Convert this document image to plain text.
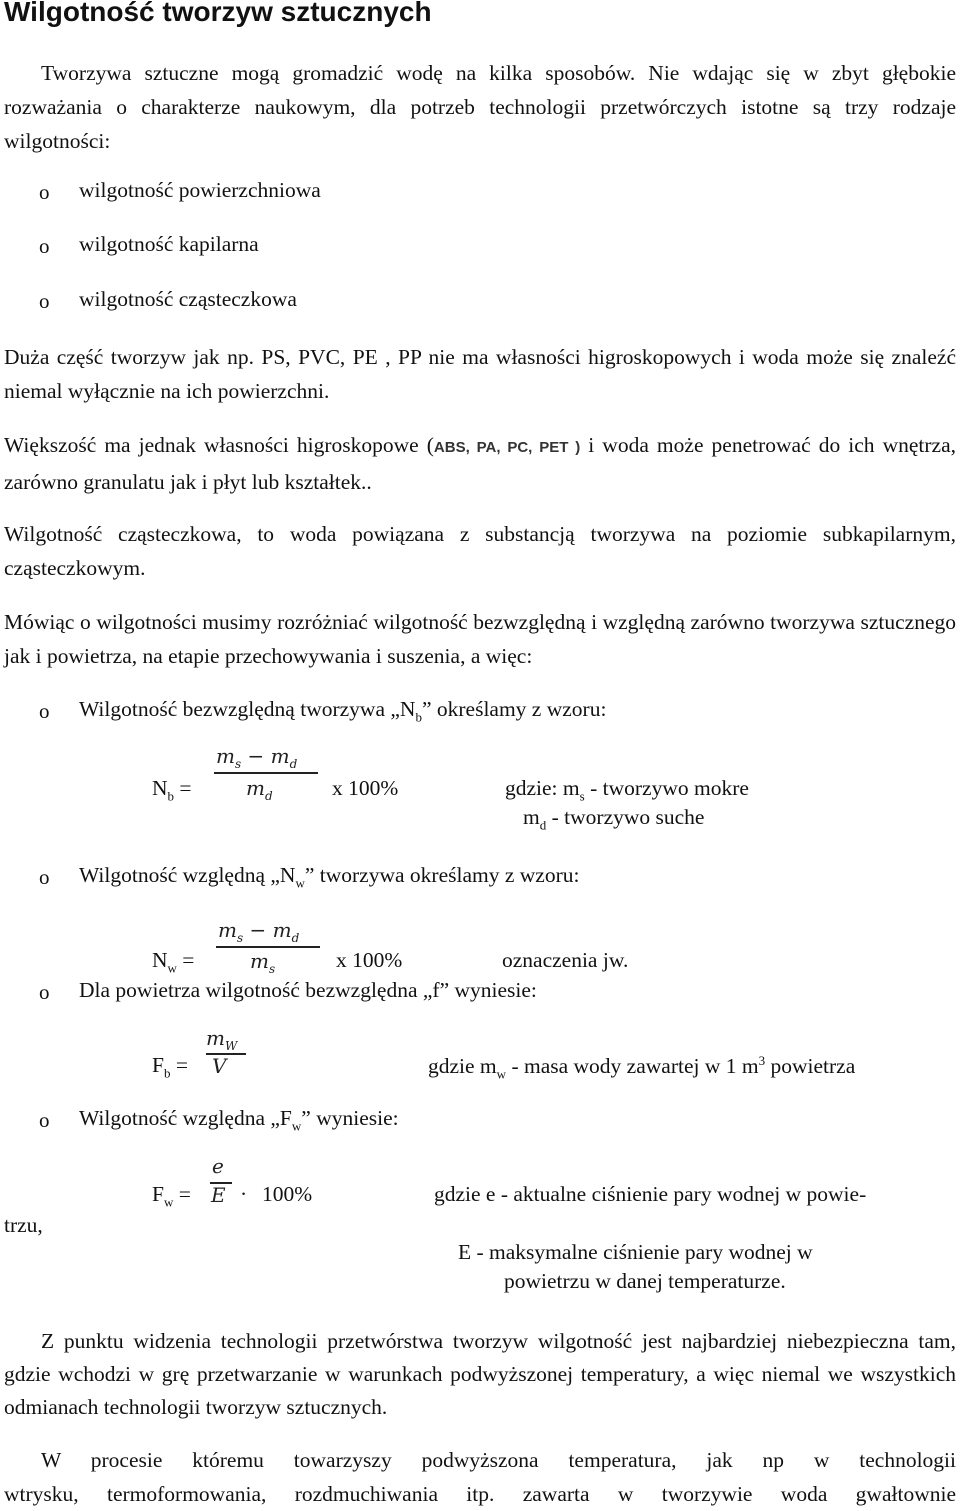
Wilgotność tworzyw sztucznych

Tworzywa sztuczne mogą gromadzić wodę na kilka sposobów. Nie wdając się w zbyt głębokie rozważania o charakterze naukowym, dla potrzeb technologii przetwórczych istotne są trzy rodzaje wilgotności:

o wilgotność powierzchniowa
o wilgotność kapilarna
o wilgotność cząsteczkowa

Duża część tworzyw jak np. PS, PVC, PE , PP nie ma własności higroskopowych i woda może się znaleźć niemal wyłącznie na ich powierzchni.

Większość ma jednak własności higroskopowe (ABS, PA, PC, PET ) i woda może penetrować do ich wnętrza, zarówno granulatu jak i płyt lub kształtek..

Wilgotność cząsteczkowa, to woda powiązana z substancją tworzywa na poziomie subkapilarnym, cząsteczkowym.

Mówiąc o wilgotności musimy rozróżniać wilgotność bezwzględną i względną zarówno tworzywa sztucznego jak i powietrza, na etapie przechowywania i suszenia, a więc:

o Wilgotność bezwzględną tworzywa $„N_b$” określamy z wzoru:
$N_b$ =
$m_s - m_d$
$m_d$	x 100%	gdzie: $m_s$ - tworzywo mokre
$m_d$ - tworzywo suche
o Wilgotność względną $„N_w$” tworzywa określamy z wzoru:
$N_w$ =
$m_s - m_d$
$m_s$	x 100%	oznaczenia jw.
o Dla powietrza wilgotność bezwzględna „f” wyniesie:
$F_b$ =
$m_W$
V	gdzie $m_w$ - masa wody zawartej w 1 $m^3$ powietrza
o Wilgotność względna $„F_w$” wyniesie:
$F_w$ =
e
E · 100%	gdzie e - aktualne ciśnienie pary wodnej w powie-
trzu,
E - maksymalne ciśnienie pary wodnej w
powietrzu w danej temperaturze.

Z punktu widzenia technologii przetwórstwa tworzyw wilgotność jest najbardziej niebezpieczna tam, gdzie wchodzi w grę przetwarzanie w warunkach podwyższonej temperatury, a więc niemal we wszystkich odmianach technologii tworzyw sztucznych.

W procesie któremu towarzyszy podwyższona temperatura, jak np w technologii
wtrysku, termoformowania, rozdmuchiwania itp. zawarta w tworzywie woda gwałtownie
